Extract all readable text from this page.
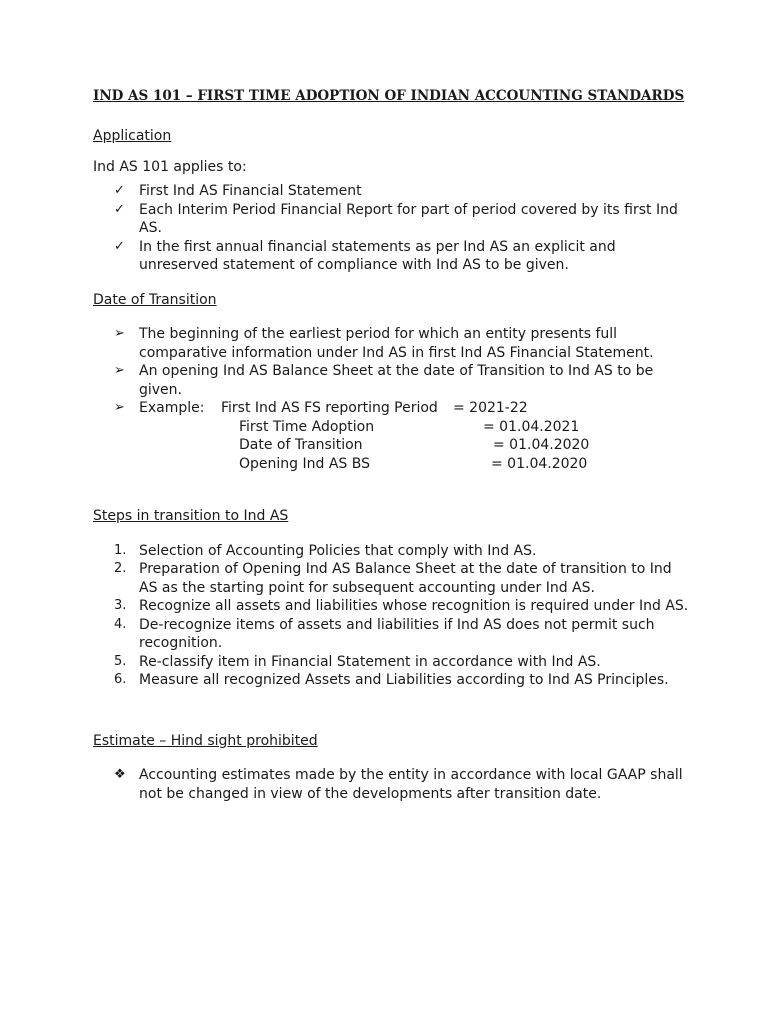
IND AS 101 – FIRST TIME ADOPTION OF INDIAN ACCOUNTING STANDARDS
Application

Ind AS 101 applies to:

✓ First Ind AS Financial Statement
✓ Each Interim Period Financial Report for part of period covered by its first Ind AS.
✓ In the first annual financial statements as per Ind AS an explicit and unreserved statement of compliance with Ind AS to be given.
Date of Transition
➢ The beginning of the earliest period for which an entity presents full comparative information under Ind AS in first Ind AS Financial Statement.
➢ An opening Ind AS Balance Sheet at the date of Transition to Ind AS to be given.
➢ Example:	First Ind AS FS reporting Period	= 2021-22
First Time Adoption	= 01.04.2021
Date of Transition	= 01.04.2020
Opening Ind AS BS	= 01.04.2020
Steps in transition to Ind AS
1. Selection of Accounting Policies that comply with Ind AS.
2. Preparation of Opening Ind AS Balance Sheet at the date of transition to Ind AS as the starting point for subsequent accounting under Ind AS.
3. Recognize all assets and liabilities whose recognition is required under Ind AS.
4. De-recognize items of assets and liabilities if Ind AS does not permit such recognition.
5. Re-classify item in Financial Statement in accordance with Ind AS.
6. Measure all recognized Assets and Liabilities according to Ind AS Principles.
Estimate – Hind sight prohibited
❖ Accounting estimates made by the entity in accordance with local GAAP shall not be changed in view of the developments after transition date.
